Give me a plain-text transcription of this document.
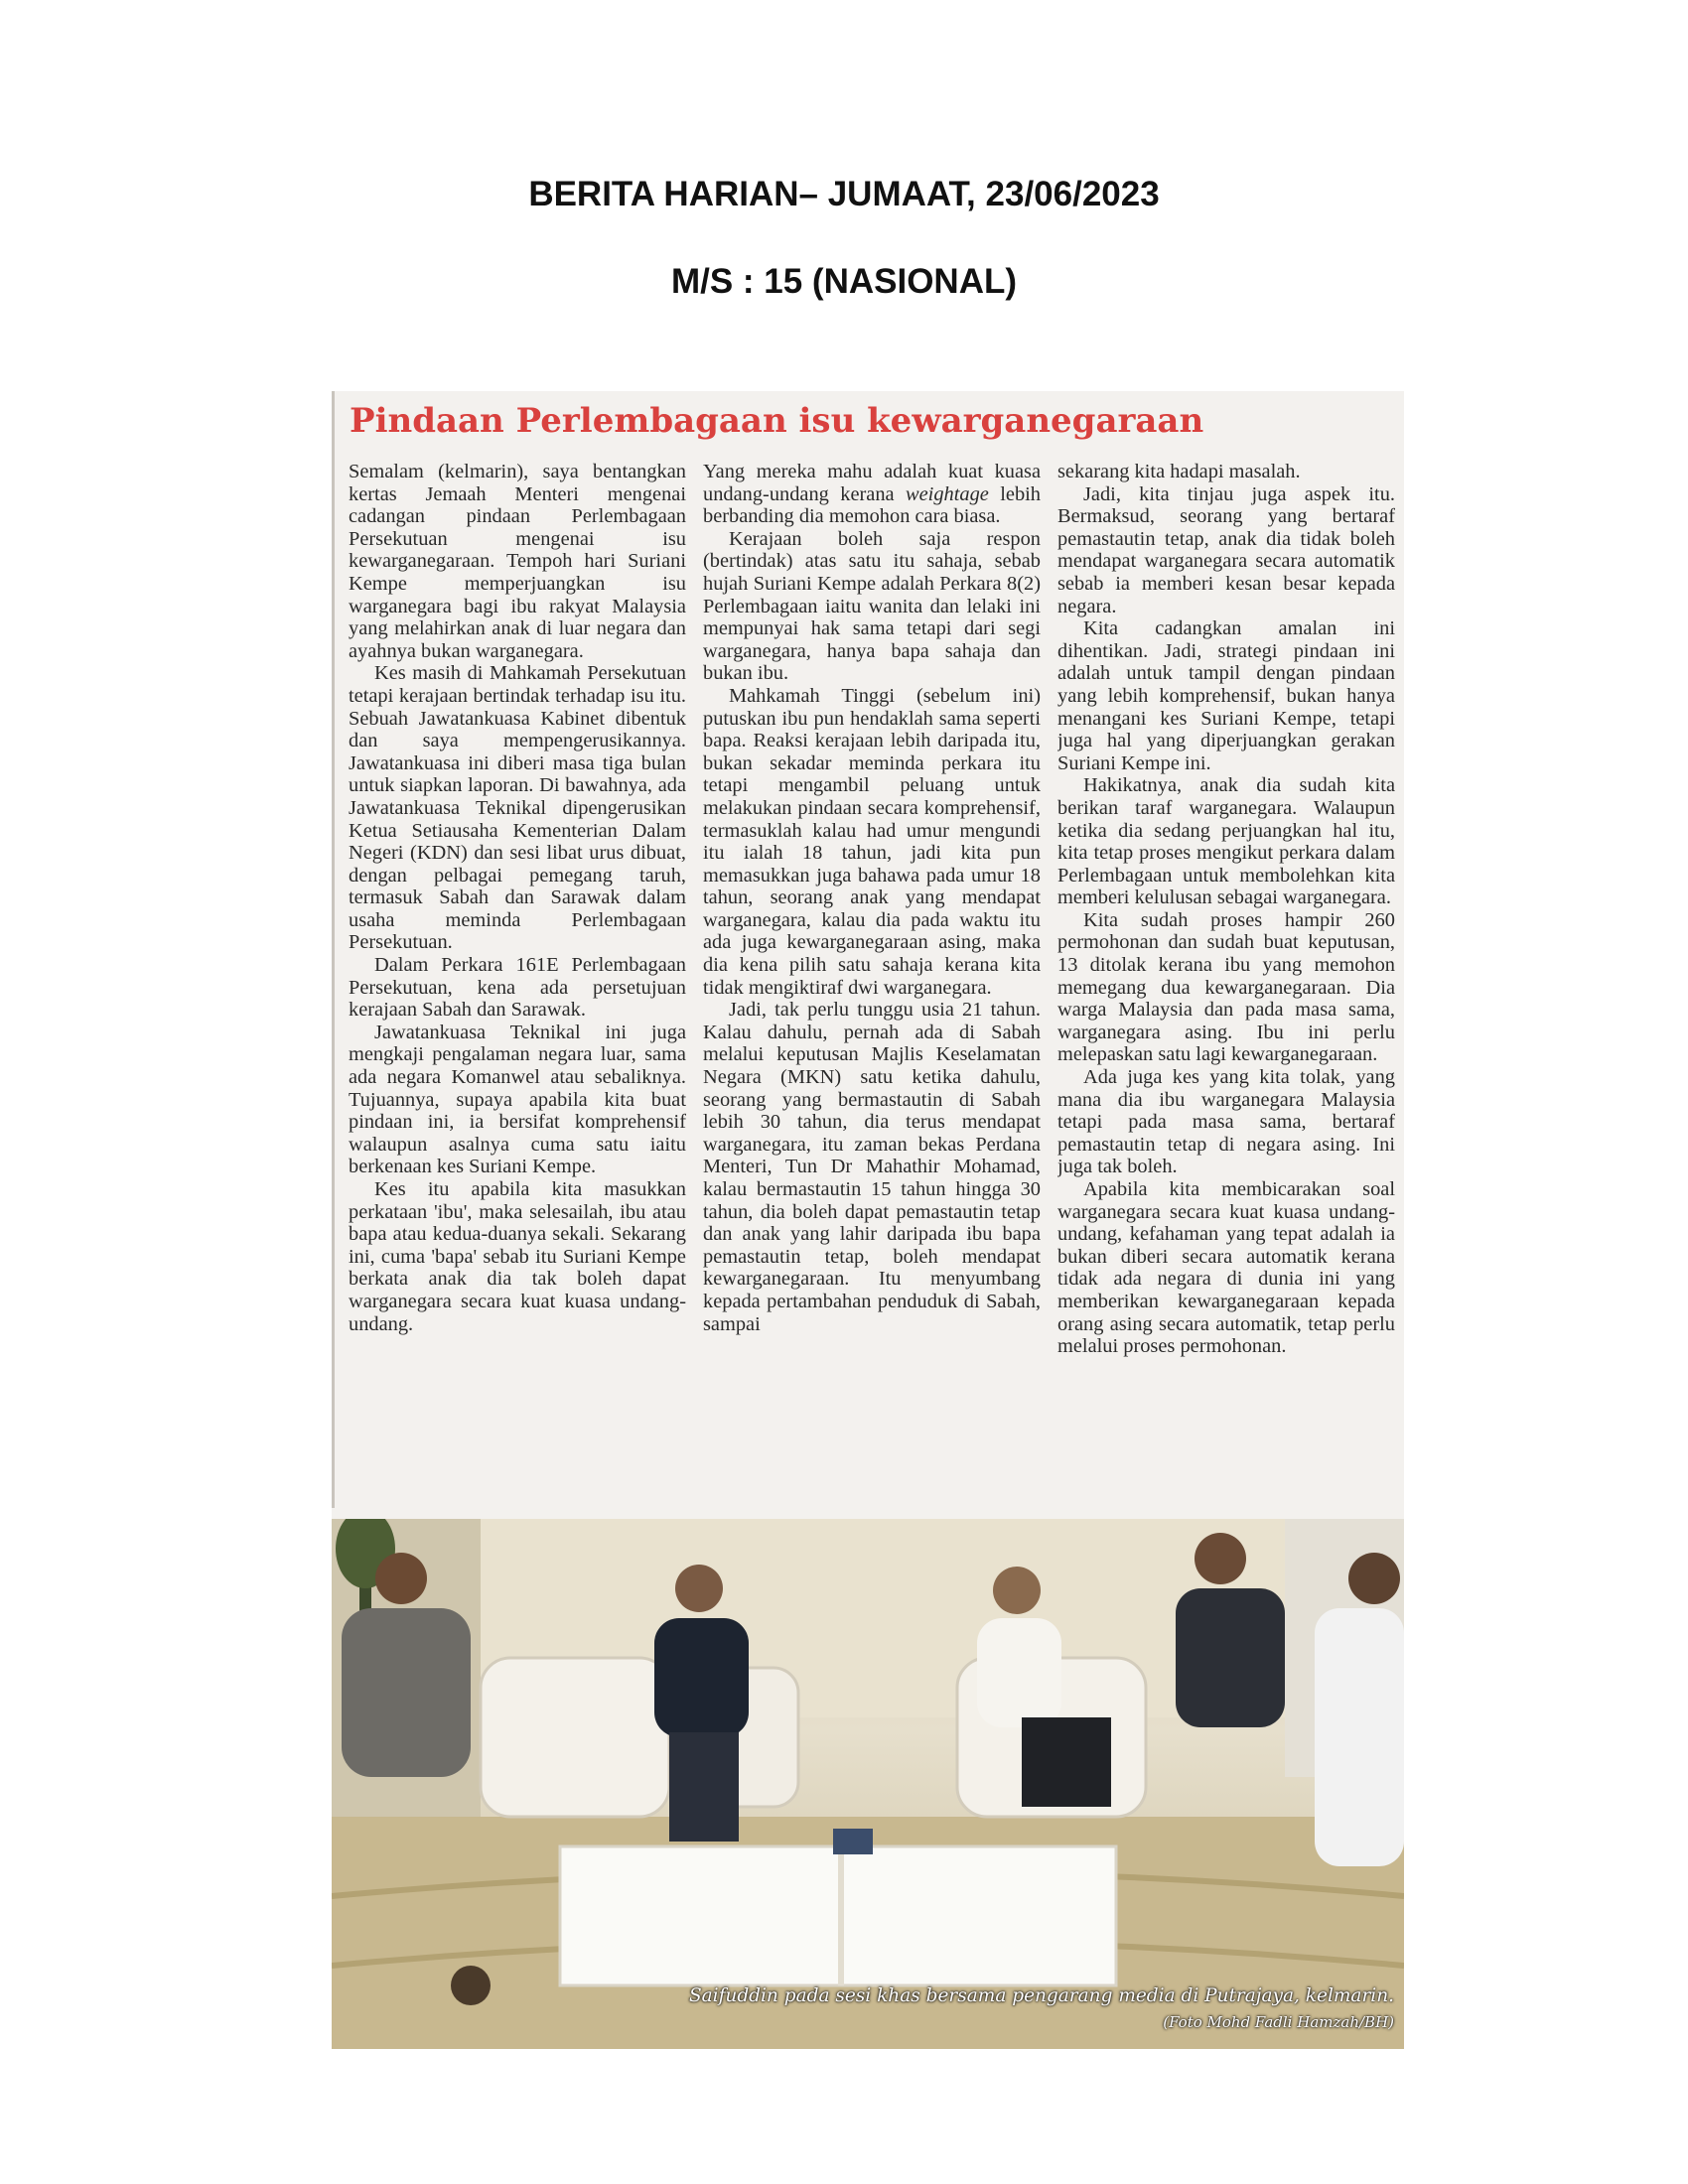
BERITA HARIAN– JUMAAT, 23/06/2023
M/S : 15 (NASIONAL)
Pindaan Perlembagaan isu kewarganegaraan

Semalam (kelmarin), saya bentangkan kertas Jemaah Menteri mengenai cadangan pindaan Perlembagaan Persekutuan mengenai isu kewarganegaraan. Tempoh hari Suriani Kempe memperjuangkan isu warganegara bagi ibu rakyat Malaysia yang melahirkan anak di luar negara dan ayahnya bukan warganegara.

Kes masih di Mahkamah Persekutuan tetapi kerajaan bertindak terhadap isu itu. Sebuah Jawatankuasa Kabinet dibentuk dan saya mempengerusikannya. Jawatankuasa ini diberi masa tiga bulan untuk siapkan laporan. Di bawahnya, ada Jawatankuasa Teknikal dipengerusikan Ketua Setiausaha Kementerian Dalam Negeri (KDN) dan sesi libat urus dibuat, dengan pelbagai pemegang taruh, termasuk Sabah dan Sarawak dalam usaha meminda Perlembagaan Persekutuan.

Dalam Perkara 161E Perlembagaan Persekutuan, kena ada persetujuan kerajaan Sabah dan Sarawak.

Jawatankuasa Teknikal ini juga mengkaji pengalaman negara luar, sama ada negara Komanwel atau sebaliknya. Tujuannya, supaya apabila kita buat pindaan ini, ia bersifat komprehensif walaupun asalnya cuma satu iaitu berkenaan kes Suriani Kempe.

Kes itu apabila kita masukkan perkataan 'ibu', maka selesailah, ibu atau bapa atau kedua-duanya sekali. Sekarang ini, cuma 'bapa' sebab itu Suriani Kempe berkata anak dia tak boleh dapat warganegara secara kuat kuasa undang-undang.

Yang mereka mahu adalah kuat kuasa undang-undang kerana weightage lebih berbanding dia memohon cara biasa.

Kerajaan boleh saja respon (bertindak) atas satu itu sahaja, sebab hujah Suriani Kempe adalah Perkara 8(2) Perlembagaan iaitu wanita dan lelaki ini mempunyai hak sama tetapi dari segi warganegara, hanya bapa sahaja dan bukan ibu.

Mahkamah Tinggi (sebelum ini) putuskan ibu pun hendaklah sama seperti bapa. Reaksi kerajaan lebih daripada itu, bukan sekadar meminda perkara itu tetapi mengambil peluang untuk melakukan pindaan secara komprehensif, termasuklah kalau had umur mengundi itu ialah 18 tahun, jadi kita pun memasukkan juga bahawa pada umur 18 tahun, seorang anak yang mendapat warganegara, kalau dia pada waktu itu ada juga kewarganegaraan asing, maka dia kena pilih satu sahaja kerana kita tidak mengiktiraf dwi warganegara.

Jadi, tak perlu tunggu usia 21 tahun. Kalau dahulu, pernah ada di Sabah melalui keputusan Majlis Keselamatan Negara (MKN) satu ketika dahulu, seorang yang bermastautin di Sabah lebih 30 tahun, dia terus mendapat warganegara, itu zaman bekas Perdana Menteri, Tun Dr Mahathir Mohamad, kalau bermastautin 15 tahun hingga 30 tahun, dia boleh dapat pemastautin tetap dan anak yang lahir daripada ibu bapa pemastautin tetap, boleh mendapat kewarganegaraan. Itu menyumbang kepada pertambahan penduduk di Sabah, sampai

sekarang kita hadapi masalah.

Jadi, kita tinjau juga aspek itu. Bermaksud, seorang yang bertaraf pemastautin tetap, anak dia tidak boleh mendapat warganegara secara automatik sebab ia memberi kesan besar kepada negara.

Kita cadangkan amalan ini dihentikan. Jadi, strategi pindaan ini adalah untuk tampil dengan pindaan yang lebih komprehensif, bukan hanya menangani kes Suriani Kempe, tetapi juga hal yang diperjuangkan gerakan Suriani Kempe ini.

Hakikatnya, anak dia sudah kita berikan taraf warganegara. Walaupun ketika dia sedang perjuangkan hal itu, kita tetap proses mengikut perkara dalam Perlembagaan untuk membolehkan kita memberi kelulusan sebagai warganegara.

Kita sudah proses hampir 260 permohonan dan sudah buat keputusan, 13 ditolak kerana ibu yang memohon memegang dua kewarganegaraan. Dia warga Malaysia dan pada masa sama, warganegara asing. Ibu ini perlu melepaskan satu lagi kewarganegaraan.

Ada juga kes yang kita tolak, yang mana dia ibu warganegara Malaysia tetapi pada masa sama, bertaraf pemastautin tetap di negara asing. Ini juga tak boleh.

Apabila kita membicarakan soal warganegara secara kuat kuasa undang-undang, kefahaman yang tepat adalah ia bukan diberi secara automatik kerana tidak ada negara di dunia ini yang memberikan kewarganegaraan kepada orang asing secara automatik, tetap perlu melalui proses permohonan.

Saifuddin pada sesi khas bersama pengarang media di Putrajaya, kelmarin.
(Foto Mohd Fadli Hamzah/BH)
